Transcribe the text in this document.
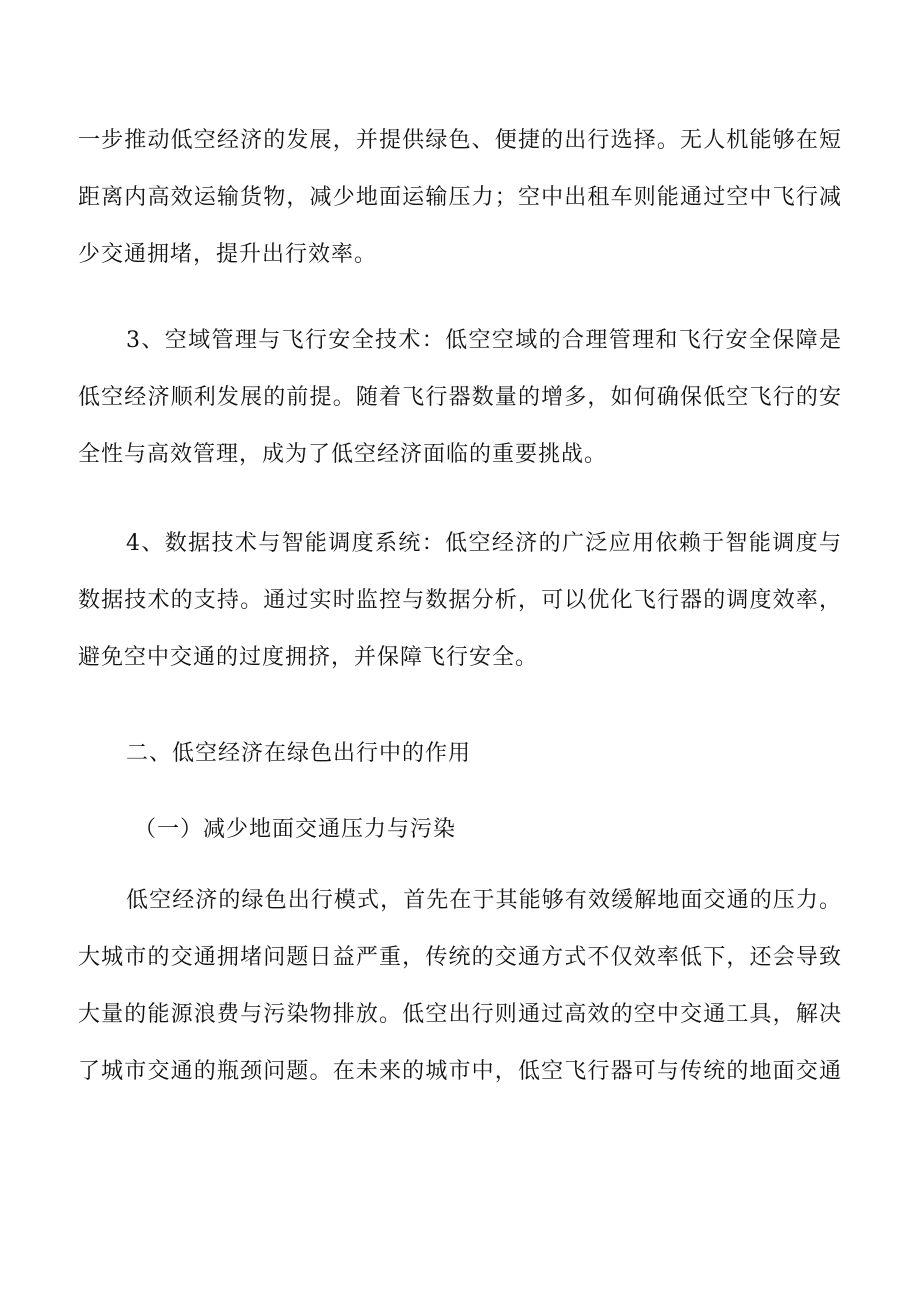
一步推动低空经济的发展，并提供绿色、便捷的出行选择。无人机能够在短
距离内高效运输货物，减少地面运输压力；空中出租车则能通过空中飞行减
少交通拥堵，提升出行效率。
3、空域管理与飞行安全技术：低空空域的合理管理和飞行安全保障是
低空经济顺利发展的前提。随着飞行器数量的增多，如何确保低空飞行的安
全性与高效管理，成为了低空经济面临的重要挑战。
4、数据技术与智能调度系统：低空经济的广泛应用依赖于智能调度与
数据技术的支持。通过实时监控与数据分析，可以优化飞行器的调度效率，
避免空中交通的过度拥挤，并保障飞行安全。

二、低空经济在绿色出行中的作用

（一）减少地面交通压力与污染

低空经济的绿色出行模式，首先在于其能够有效缓解地面交通的压力。
大城市的交通拥堵问题日益严重，传统的交通方式不仅效率低下，还会导致
大量的能源浪费与污染物排放。低空出行则通过高效的空中交通工具，解决
了城市交通的瓶颈问题。在未来的城市中，低空飞行器可与传统的地面交通
